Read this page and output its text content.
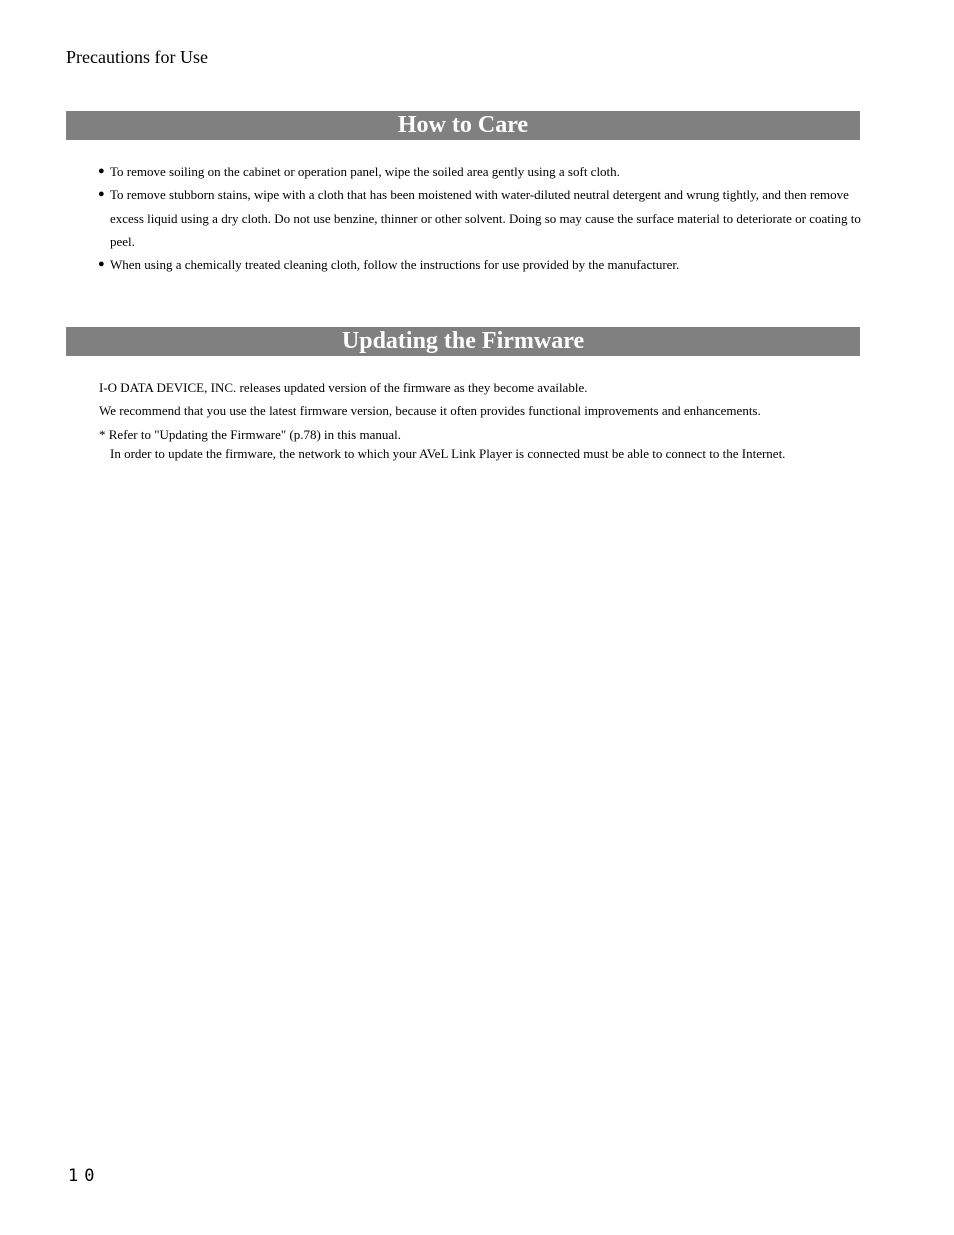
Precautions for Use
How to Care
● To remove soiling on the cabinet or operation panel, wipe the soiled area gently using a soft cloth.
● To remove stubborn stains, wipe with a cloth that has been moistened with water-diluted neutral detergent and wrung tightly, and then remove excess liquid using a dry cloth. Do not use benzine, thinner or other solvent. Doing so may cause the surface material to deteriorate or coating to peel.
● When using a chemically treated cleaning cloth, follow the instructions for use provided by the manufacturer.
Updating the Firmware
I-O DATA DEVICE, INC. releases updated version of the firmware as they become available.
We recommend that you use the latest firmware version, because it often provides functional improvements and enhancements.
* Refer to "Updating the Firmware" (p.78) in this manual.
In order to update the firmware, the network to which your AVeL Link Player is connected must be able to connect to the Internet.
10
